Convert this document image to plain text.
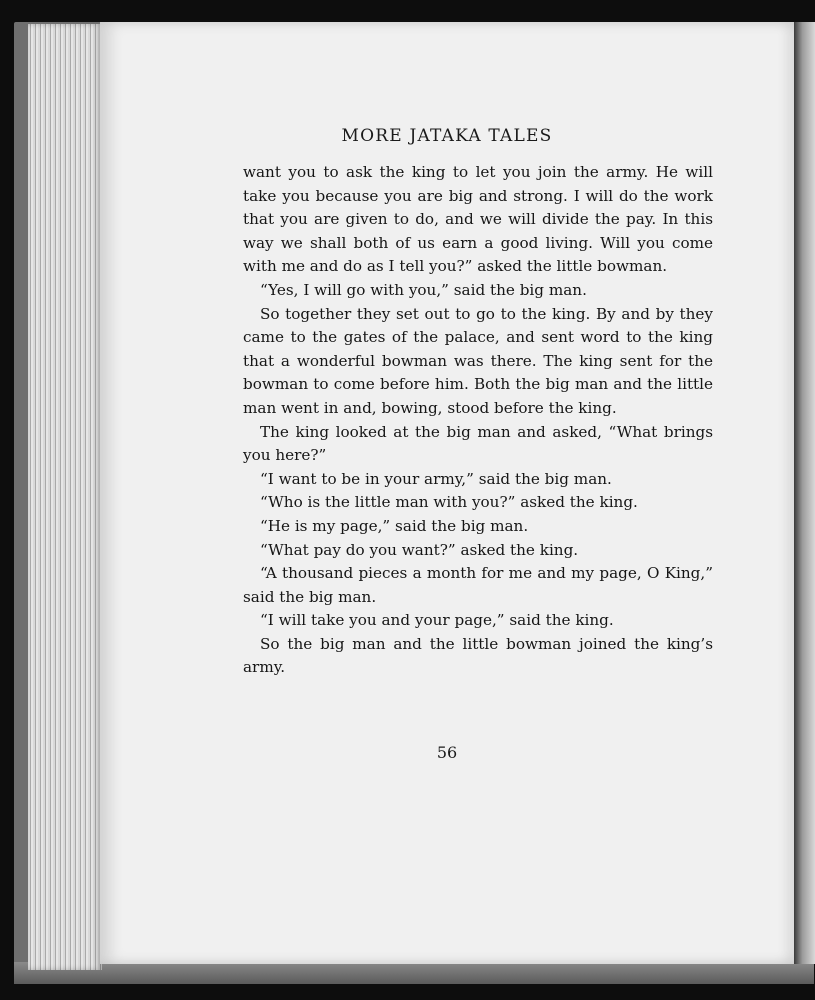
MORE JATAKA TALES

want you to ask the king to let you join the army. He will take you because you are big and strong. I will do the work that you are given to do, and we will divide the pay. In this way we shall both of us earn a good living. Will you come with me and do as I tell you?” asked the little bowman.

“Yes, I will go with you,” said the big man.

So together they set out to go to the king. By and by they came to the gates of the palace, and sent word to the king that a wonderful bowman was there. The king sent for the bowman to come before him. Both the big man and the little man went in and, bowing, stood before the king.

The king looked at the big man and asked, “What brings you here?”

“I want to be in your army,” said the big man.

“Who is the little man with you?” asked the king.

“He is my page,” said the big man.

“What pay do you want?” asked the king.

“A thousand pieces a month for me and my page, O King,” said the big man.

“I will take you and your page,” said the king.

So the big man and the little bowman joined the king’s army.

56
